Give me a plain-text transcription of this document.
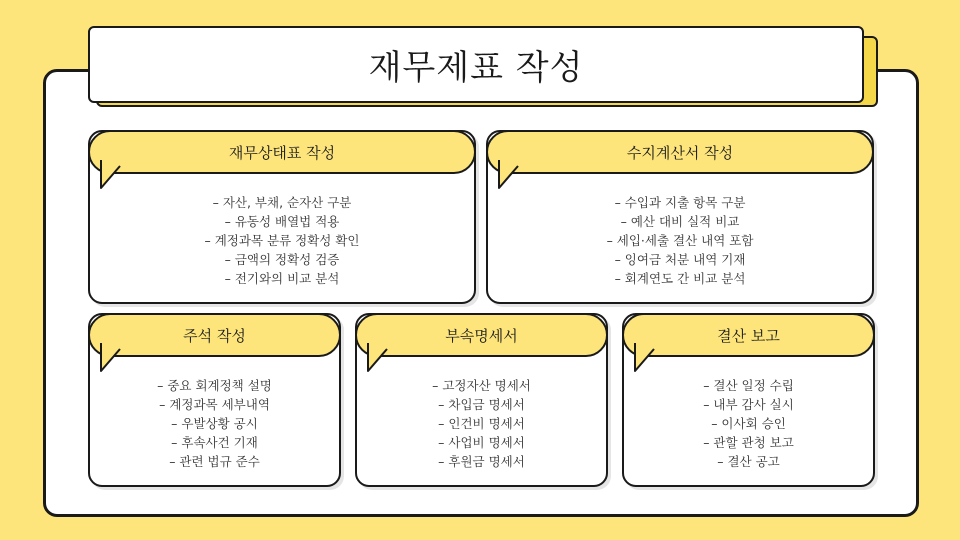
재무제표 작성
재무상태표 작성
– 자산, 부채, 순자산 구분
– 유동성 배열법 적용
– 계정과목 분류 정확성 확인
– 금액의 정확성 검증
– 전기와의 비교 분석
수지계산서 작성
– 수입과 지출 항목 구분
– 예산 대비 실적 비교
– 세입·세출 결산 내역 포함
– 잉여금 처분 내역 기재
– 회계연도 간 비교 분석
주석 작성
– 중요 회계정책 설명
– 계정과목 세부내역
– 우발상황 공시
– 후속사건 기재
– 관련 법규 준수
부속명세서
– 고정자산 명세서
– 차입금 명세서
– 인건비 명세서
– 사업비 명세서
– 후원금 명세서
결산 보고
– 결산 일정 수립
– 내부 감사 실시
– 이사회 승인
– 관할 관청 보고
– 결산 공고
